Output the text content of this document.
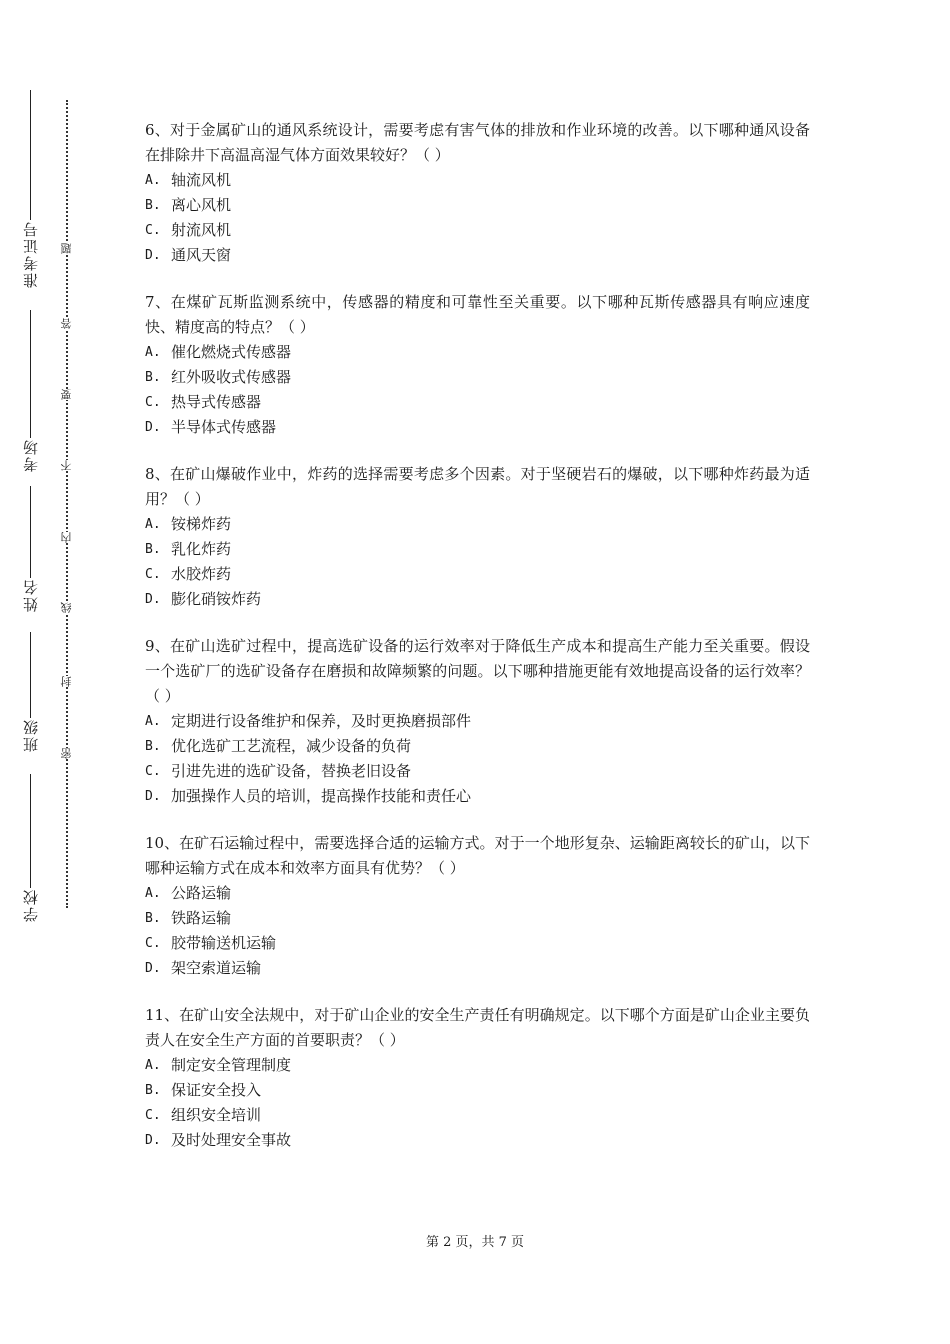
准考证号
考场
姓名
班级
学校
题
答
要
不
内
线
封
密

6、对于金属矿山的通风系统设计，需要考虑有害气体的排放和作业环境的改善。以下哪种通风设备在排除井下高温高湿气体方面效果较好？（ ）

A. 轴流风机
B. 离心风机
C. 射流风机
D. 通风天窗

7、在煤矿瓦斯监测系统中，传感器的精度和可靠性至关重要。以下哪种瓦斯传感器具有响应速度快、精度高的特点？（ ）

A. 催化燃烧式传感器
B. 红外吸收式传感器
C. 热导式传感器
D. 半导体式传感器

8、在矿山爆破作业中，炸药的选择需要考虑多个因素。对于坚硬岩石的爆破，以下哪种炸药最为适用？（ ）

A. 铵梯炸药
B. 乳化炸药
C. 水胶炸药
D. 膨化硝铵炸药

9、在矿山选矿过程中，提高选矿设备的运行效率对于降低生产成本和提高生产能力至关重要。假设一个选矿厂的选矿设备存在磨损和故障频繁的问题。以下哪种措施更能有效地提高设备的运行效率？（ ）

A. 定期进行设备维护和保养，及时更换磨损部件
B. 优化选矿工艺流程，减少设备的负荷
C. 引进先进的选矿设备，替换老旧设备
D. 加强操作人员的培训，提高操作技能和责任心

10、在矿石运输过程中，需要选择合适的运输方式。对于一个地形复杂、运输距离较长的矿山，以下哪种运输方式在成本和效率方面具有优势？（ ）

A. 公路运输
B. 铁路运输
C. 胶带输送机运输
D. 架空索道运输

11、在矿山安全法规中，对于矿山企业的安全生产责任有明确规定。以下哪个方面是矿山企业主要负责人在安全生产方面的首要职责？（ ）

A. 制定安全管理制度
B. 保证安全投入
C. 组织安全培训
D. 及时处理安全事故
第 2 页，共 7 页
